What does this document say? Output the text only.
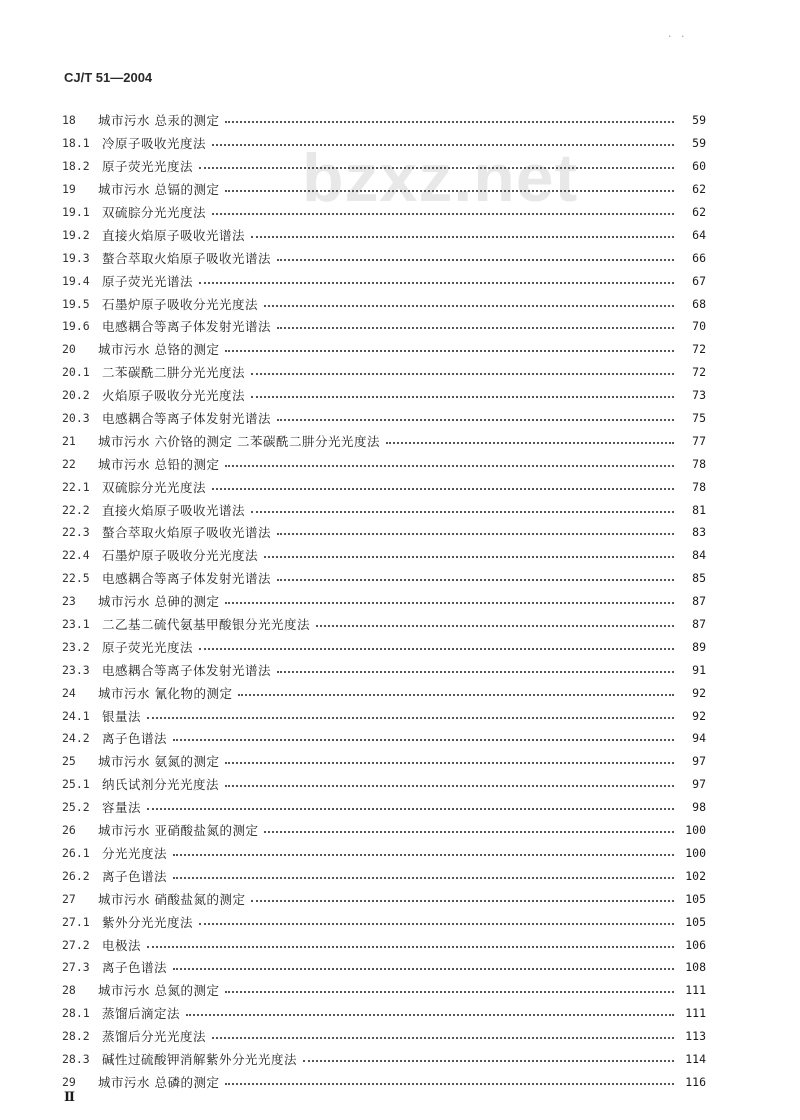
· ·
CJ/T 51—2004
bzxz.net
18	城市污水 总汞的测定	59
18.1 冷原子吸收光度法	59
18.2 原子荧光光度法	60
19	城市污水 总镉的测定	62
19.1 双硫腙分光光度法	62
19.2 直接火焰原子吸收光谱法	64
19.3 螯合萃取火焰原子吸收光谱法	66
19.4 原子荧光光谱法	67
19.5 石墨炉原子吸收分光光度法	68
19.6 电感耦合等离子体发射光谱法	70
20	城市污水 总铬的测定	72
20.1 二苯碳酰二肼分光光度法	72
20.2 火焰原子吸收分光光度法	73
20.3 电感耦合等离子体发射光谱法	75
21	城市污水 六价铬的测定 二苯碳酰二肼分光光度法	77
22	城市污水 总铅的测定	78
22.1 双硫腙分光光度法	78
22.2 直接火焰原子吸收光谱法	81
22.3 螯合萃取火焰原子吸收光谱法	83
22.4 石墨炉原子吸收分光光度法	84
22.5 电感耦合等离子体发射光谱法	85
23	城市污水 总砷的测定	87
23.1 二乙基二硫代氨基甲酸银分光光度法	87
23.2 原子荧光光度法	89
23.3 电感耦合等离子体发射光谱法	91
24	城市污水 氰化物的测定	92
24.1 银量法	92
24.2 离子色谱法	94
25	城市污水 氨氮的测定	97
25.1 纳氏试剂分光光度法	97
25.2 容量法	98
26	城市污水 亚硝酸盐氮的测定	100
26.1 分光光度法	100
26.2 离子色谱法	102
27	城市污水 硝酸盐氮的测定	105
27.1 紫外分光光度法	105
27.2 电极法	106
27.3 离子色谱法	108
28	城市污水 总氮的测定	111
28.1 蒸馏后滴定法	111
28.2 蒸馏后分光光度法	113
28.3 碱性过硫酸钾消解紫外分光光度法	114
29	城市污水 总磷的测定	116
Ⅱ
